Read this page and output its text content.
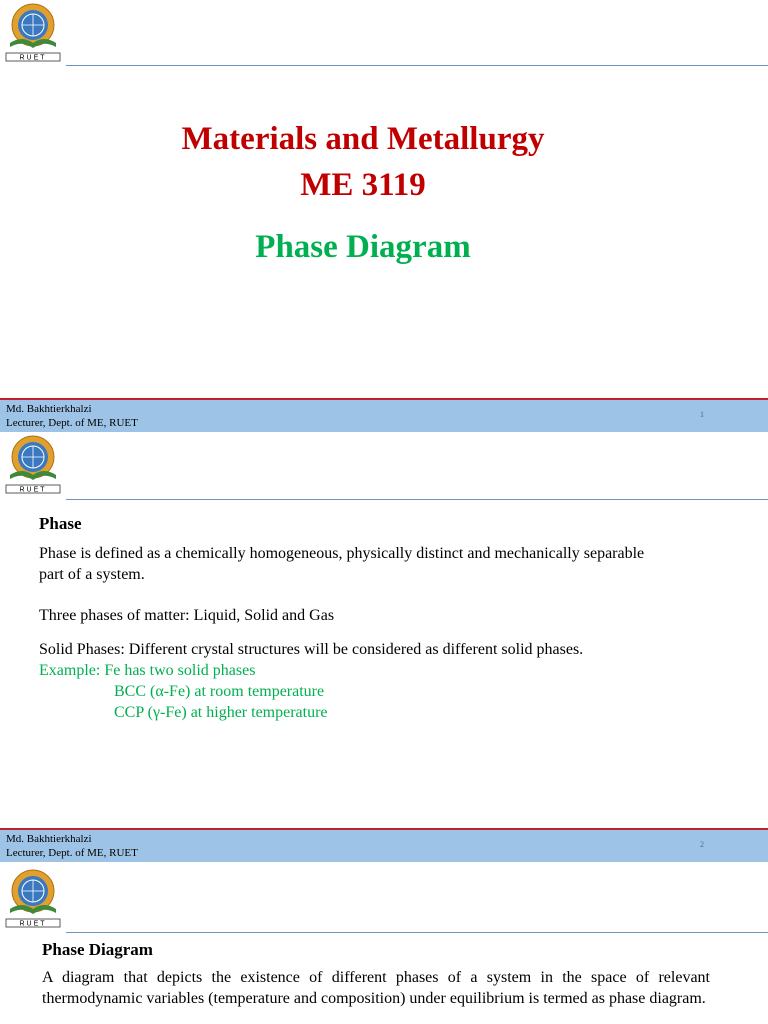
Materials and Metallurgy
ME 3119
Phase Diagram
Md. Bakhtierkhalzi
Lecturer, Dept. of ME, RUET
1
Phase
Phase is defined as a chemically homogeneous, physically distinct and mechanically separable
part of a system.
Three phases of matter: Liquid, Solid and Gas
Solid Phases: Different crystal structures will be considered as different solid phases.
Example: Fe has two solid phases
BCC (α-Fe) at room temperature
CCP (γ-Fe) at higher temperature
Md. Bakhtierkhalzi
Lecturer, Dept. of ME, RUET
2
Phase Diagram
A diagram that depicts the existence of different phases of a system in the space of relevant thermodynamic variables (temperature and composition) under equilibrium is termed as phase diagram.
